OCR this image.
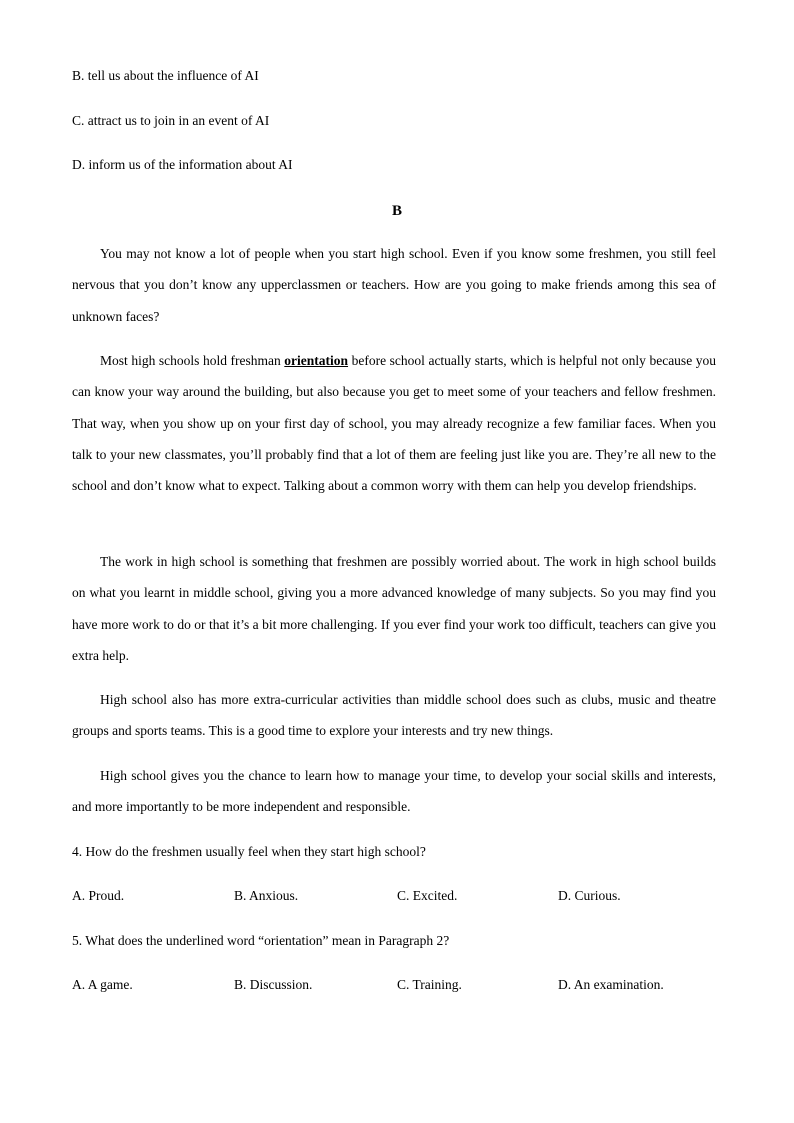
B. tell us about the influence of AI
C. attract us to join in an event of AI
D. inform us of the information about AI
B

You may not know a lot of people when you start high school. Even if you know some freshmen, you still feel nervous that you don’t know any upperclassmen or teachers. How are you going to make friends among this sea of unknown faces?

Most high schools hold freshman orientation before school actually starts, which is helpful not only because you can know your way around the building, but also because you get to meet some of your teachers and fellow freshmen. That way, when you show up on your first day of school, you may already recognize a few familiar faces. When you talk to your new classmates, you’ll probably find that a lot of them are feeling just like you are. They’re all new to the school and don’t know what to expect. Talking about a common worry with them can help you develop friendships.

The work in high school is something that freshmen are possibly worried about. The work in high school builds on what you learnt in middle school, giving you a more advanced knowledge of many subjects. So you may find you have more work to do or that it’s a bit more challenging. If you ever find your work too difficult, teachers can give you extra help.

High school also has more extra-curricular activities than middle school does such as clubs, music and theatre groups and sports teams. This is a good time to explore your interests and try new things.

High school gives you the chance to learn how to manage your time, to develop your social skills and interests, and more importantly to be more independent and responsible.

4. How do the freshmen usually feel when they start high school?
A. Proud.	B. Anxious.	C. Excited.	D. Curious.
5. What does the underlined word “orientation” mean in Paragraph 2?
A. A game.	B. Discussion.	C. Training.	D. An examination.
